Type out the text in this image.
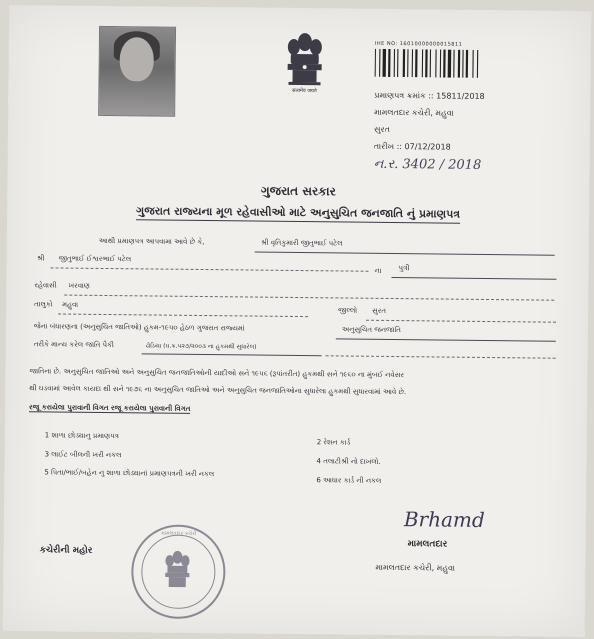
सत्यमेव जयते
IHE NO: 16010000000015811
પ્રમાણપત્ર ક્રમાંક :: 15811/2018
મામલતદાર કચેરી, મહુવા
સુરત
તારીખ :: 07/12/2018
ન.ર. 3402 / 2018
ગુજરાત સરકાર
ગુજરાત રાજ્યના મૂળ રહેવાસીઓ માટે અનુસુચિત જનજાતિ નું પ્રમાણપત્ર
આથી પ્રમાણપત્ર આપવામા આવે છે કે,	શ્રી વૃતિકુમારી જીતુભાઈ પટેલ
શ્રી જીતુભાઈ ઈશ્વરભાઈ પટેલ
ના પુત્રી
રહેવાસી ખરવાણ
તાલુકો મહુવા
જીલ્લો સુરત
જેના બંધારણના (અનુસુચિત જાતિઓ) હુકમ-૧૯૫૦ હેઠળ ગુજરાત રાજ્યમાં	અનુસુચિત જનજાતિ
તરીકે માન્ય કરેલ જાતિ પૈકી	ઢોડિયા (ઘ.ક્ર.૫૨૭/૨૦૦૩ ના હુકમથી સુધારેલ)
જાતિના છે. અનુસુચિત જાતિઓ અને અનુસુચિત જનજાતિઓની યાદીઓ સને ૧૯૫૬ (રૂપાંતરીત) હુકમથી સને ૧૯૬૦ ના મુંબઈ નવેસર
થી ઘડવામાં આવેલ કાયદા થી સને ૧૯૭૬ ના અનુસુચિત જાતિઓ અને અનુસુચિત જનજાતિઓના સુધારેલા હુકમથી સુધારવામાં આવે છે.
રજૂ કરાયેલા પુરાવાની વિગત રજૂ કરાયેલા પુરાવાની વિગત
1 શાળા છોડ્યાનુ પ્રમાણપત્ર
2 રેશન કાર્ડ
3 લાઈટ બીલની ખરી નકલ
4 તલાટીશ્રી નો દાખલો.
5 પિતા/ભાઈ/બહેન નુ શાળા છોડ્યાનાં પ્રમાણપત્રની ખરી નકલ
6 આધાર કાર્ડ ની નકલ
Brhamd
મામલતદાર
મામલતદાર કચેરી, મહુવા
કચેરીની મહોર
મામલતદાર કચેરી
